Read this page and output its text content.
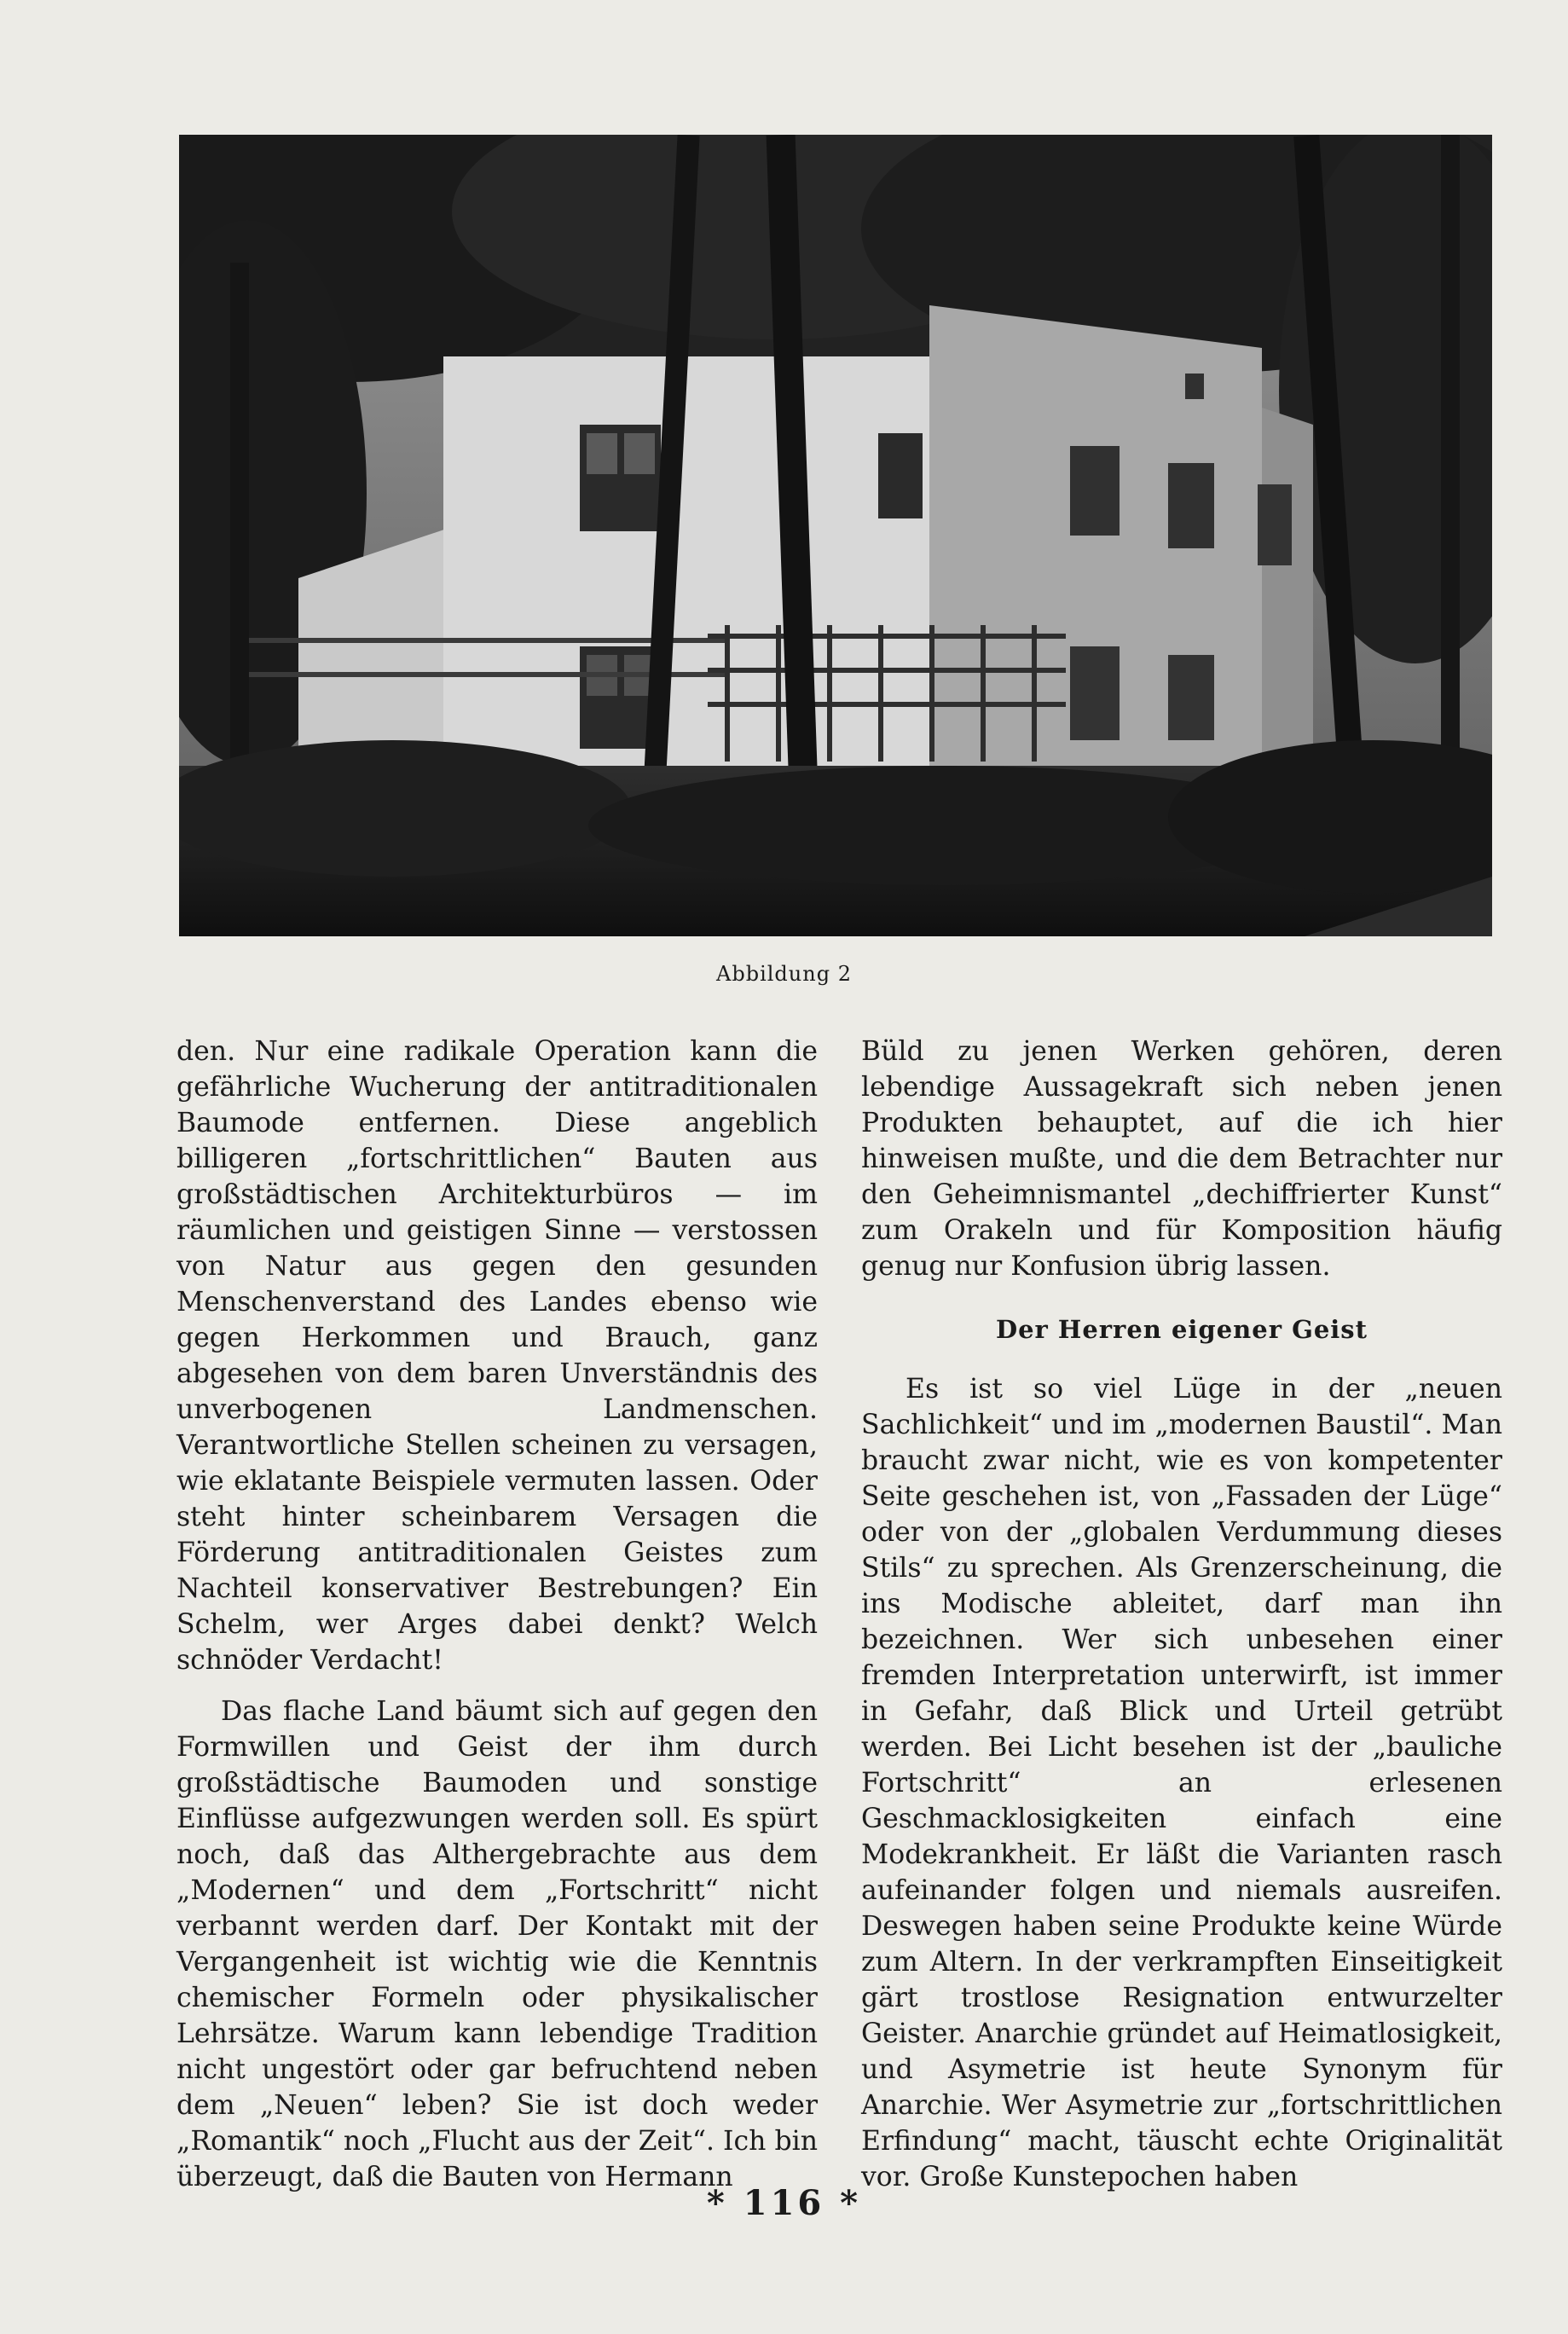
Abbildung 2

den. Nur eine radikale Operation kann die gefährliche Wucherung der antitraditionalen Baumode entfernen. Diese angeblich billigeren „fortschrittlichen“ Bauten aus großstädtischen Architekturbüros — im räumlichen und geistigen Sinne — verstossen von Natur aus gegen den gesunden Menschenverstand des Landes ebenso wie gegen Herkommen und Brauch, ganz abgesehen von dem baren Unverständnis des unverbogenen Landmenschen. Verantwortliche Stellen scheinen zu versagen, wie eklatante Beispiele vermuten lassen. Oder steht hinter scheinbarem Versagen die Förderung antitraditionalen Geistes zum Nachteil konservativer Bestrebungen? Ein Schelm, wer Arges dabei denkt? Welch schnöder Verdacht!

Das flache Land bäumt sich auf gegen den Formwillen und Geist der ihm durch großstädtische Baumoden und sonstige Einflüsse aufgezwungen werden soll. Es spürt noch, daß das Althergebrachte aus dem „Modernen“ und dem „Fortschritt“ nicht verbannt werden darf. Der Kontakt mit der Vergangenheit ist wichtig wie die Kenntnis chemischer Formeln oder physikalischer Lehrsätze. Warum kann lebendige Tradition nicht ungestört oder gar befruchtend neben dem „Neuen“ leben? Sie ist doch weder „Romantik“ noch „Flucht aus der Zeit“. Ich bin überzeugt, daß die Bauten von Hermann

Büld zu jenen Werken gehören, deren lebendige Aussagekraft sich neben jenen Produkten behauptet, auf die ich hier hinweisen mußte, und die dem Betrachter nur den Geheimnismantel „dechiffrierter Kunst“ zum Orakeln und für Komposition häufig genug nur Konfusion übrig lassen.

Der Herren eigener Geist

Es ist so viel Lüge in der „neuen Sachlichkeit“ und im „modernen Baustil“. Man braucht zwar nicht, wie es von kompetenter Seite geschehen ist, von „Fassaden der Lüge“ oder von der „globalen Verdummung dieses Stils“ zu sprechen. Als Grenzerscheinung, die ins Modische ableitet, darf man ihn bezeichnen. Wer sich unbesehen einer fremden Interpretation unterwirft, ist immer in Gefahr, daß Blick und Urteil getrübt werden. Bei Licht besehen ist der „bauliche Fortschritt“ an erlesenen Geschmacklosigkeiten einfach eine Modekrankheit. Er läßt die Varianten rasch aufeinander folgen und niemals ausreifen. Deswegen haben seine Produkte keine Würde zum Altern. In der verkrampften Einseitigkeit gärt trostlose Resignation entwurzelter Geister. Anarchie gründet auf Heimatlosigkeit, und Asymetrie ist heute Synonym für Anarchie. Wer Asymetrie zur „fortschrittlichen Erfindung“ macht, täuscht echte Originalität vor. Große Kunstepochen haben

* 116 *
